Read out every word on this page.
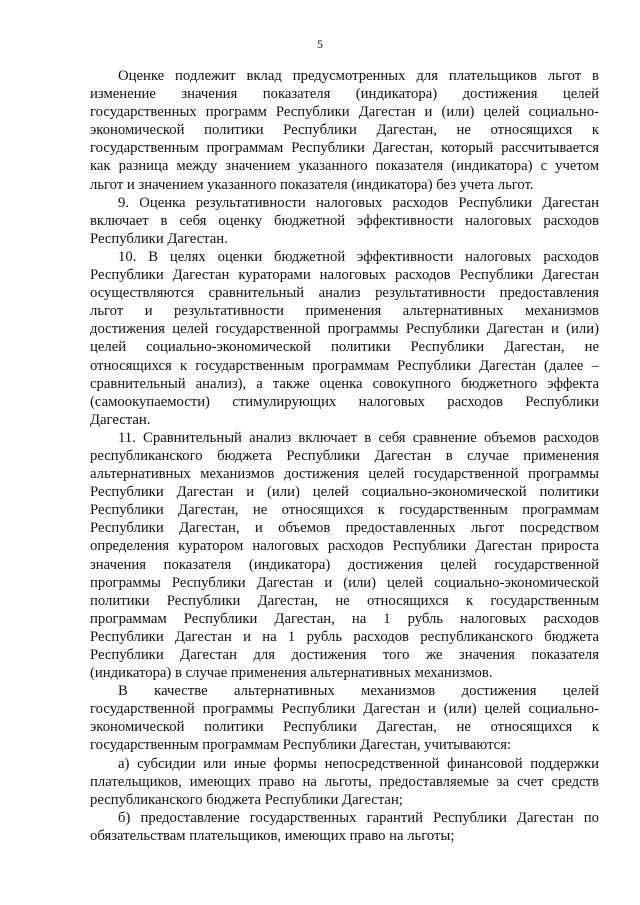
5
Оценке подлежит вклад предусмотренных для плательщиков льгот в
изменение значения показателя (индикатора) достижения целей
государственных программ Республики Дагестан и (или) целей социально-
экономической политики Республики Дагестан, не относящихся к
государственным программам Республики Дагестан, который рассчитывается
как разница между значением указанного показателя (индикатора) с учетом
льгот и значением указанного показателя (индикатора) без учета льгот.
9. Оценка результативности налоговых расходов Республики Дагестан
включает в себя оценку бюджетной эффективности налоговых расходов
Республики Дагестан.
10. В целях оценки бюджетной эффективности налоговых расходов
Республики Дагестан кураторами налоговых расходов Республики Дагестан
осуществляются сравнительный анализ результативности предоставления
льгот и результативности применения альтернативных механизмов
достижения целей государственной программы Республики Дагестан и (или)
целей социально-экономической политики Республики Дагестан, не
относящихся к государственным программам Республики Дагестан (далее –
сравнительный анализ), а также оценка совокупного бюджетного эффекта
(самоокупаемости) стимулирующих налоговых расходов Республики
Дагестан.
11. Сравнительный анализ включает в себя сравнение объемов расходов
республиканского бюджета Республики Дагестан в случае применения
альтернативных механизмов достижения целей государственной программы
Республики Дагестан и (или) целей социально-экономической политики
Республики Дагестан, не относящихся к государственным программам
Республики Дагестан, и объемов предоставленных льгот посредством
определения куратором налоговых расходов Республики Дагестан прироста
значения показателя (индикатора) достижения целей государственной
программы Республики Дагестан и (или) целей социально-экономической
политики Республики Дагестан, не относящихся к государственным
программам Республики Дагестан, на 1 рубль налоговых расходов
Республики Дагестан и на 1 рубль расходов республиканского бюджета
Республики Дагестан для достижения того же значения показателя
(индикатора) в случае применения альтернативных механизмов.
В качестве альтернативных механизмов достижения целей
государственной программы Республики Дагестан и (или) целей социально-
экономической политики Республики Дагестан, не относящихся к
государственным программам Республики Дагестан, учитываются:
а) субсидии или иные формы непосредственной финансовой поддержки
плательщиков, имеющих право на льготы, предоставляемые за счет средств
республиканского бюджета Республики Дагестан;
б) предоставление государственных гарантий Республики Дагестан по
обязательствам плательщиков, имеющих право на льготы;
